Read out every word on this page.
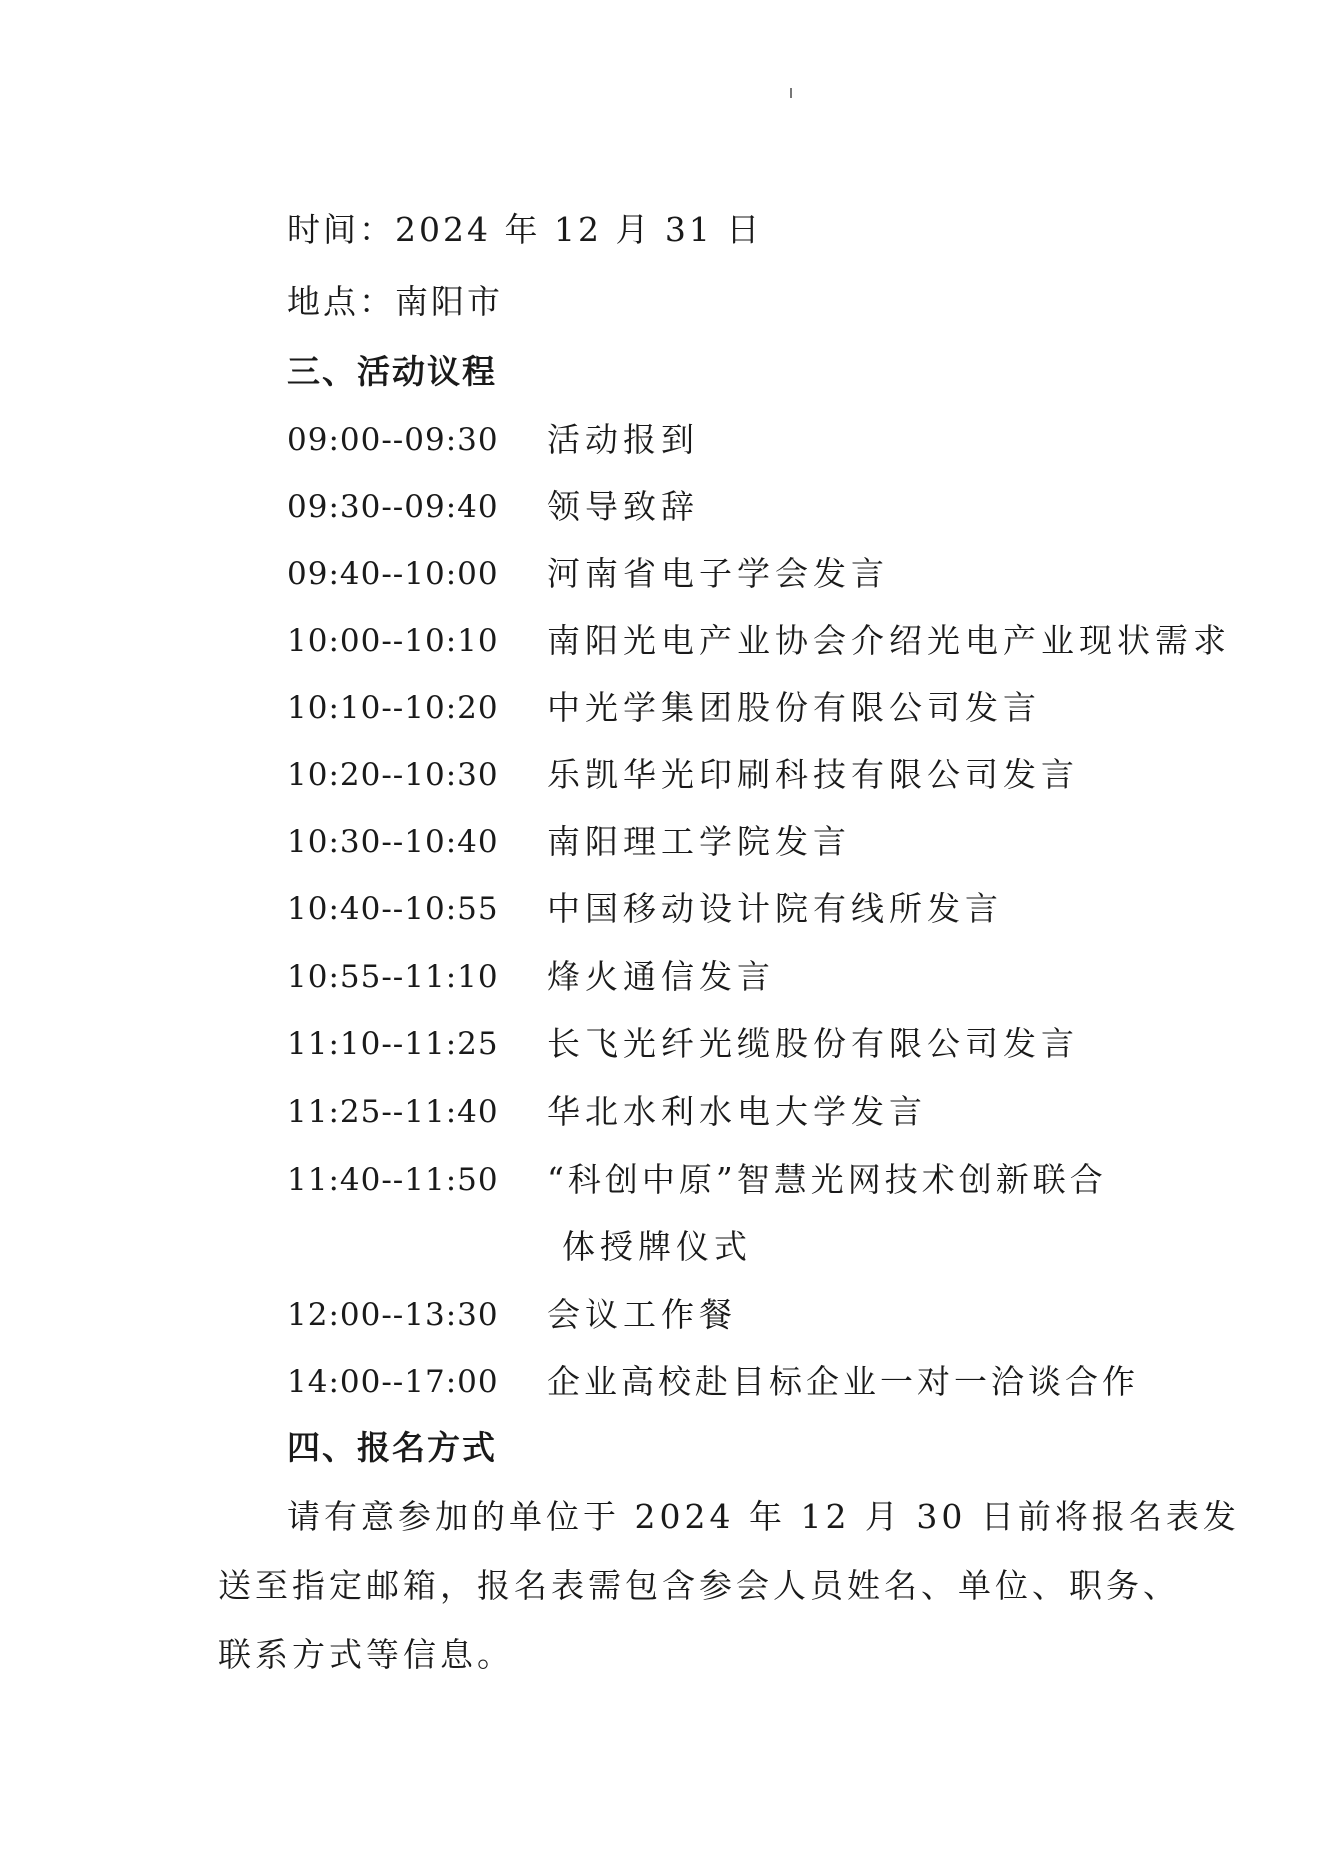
时间：2024 年 12 月 31 日
地点：南阳市
三、活动议程
09:00--09:30 活动报到
09:30--09:40 领导致辞
09:40--10:00 河南省电子学会发言
10:00--10:10 南阳光电产业协会介绍光电产业现状需求
10:10--10:20 中光学集团股份有限公司发言
10:20--10:30 乐凯华光印刷科技有限公司发言
10:30--10:40 南阳理工学院发言
10:40--10:55 中国移动设计院有线所发言
10:55--11:10 烽火通信发言
11:10--11:25 长飞光纤光缆股份有限公司发言
11:25--11:40 华北水利水电大学发言
11:40--11:50 “科创中原”智慧光网技术创新联合
体授牌仪式
12:00--13:30 会议工作餐
14:00--17:00 企业高校赴目标企业一对一洽谈合作
四、报名方式
请有意参加的单位于 2024 年 12 月 30 日前将报名表发
送至指定邮箱，报名表需包含参会人员姓名、单位、职务、
联系方式等信息。
